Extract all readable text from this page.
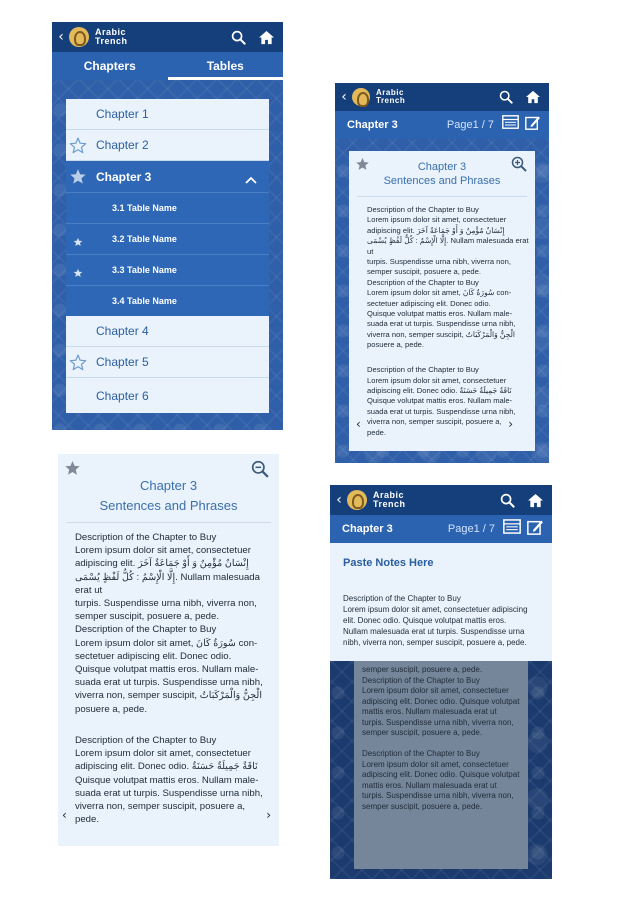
‹	Arabic
Trench
Chapters	Tables
Chapter 1
Chapter 2
Chapter 3
3.1 Table Name
3.2 Table Name
3.3 Table Name
3.4 Table Name
Chapter 4
Chapter 5
Chapter 6
‹	Arabic
Trench
Chapter 3	Page1 / 7
Chapter 3
Sentences and Phrases
Description of the Chapter to Buy
Lorem ipsum dolor sit amet, consectetuer
adipiscing elit. إِنْسَانٌ مُؤْمِنٌ وَ أَوْ جَمَاعَةٌ آخَرَ
إِلَّا الْإِسْمُ : كُلُّ لَفْظٍ يُسْمَى. Nullam malesuada erat ut
turpis. Suspendisse urna nibh, viverra non,
semper suscipit, posuere a, pede.
Description of the Chapter to Buy
Lorem ipsum dolor sit amet, سُورَةٌ كَانَ con-
sectetuer adipiscing elit. Donec odio.
Quisque volutpat mattis eros. Nullam male-
suada erat ut turpis. Suspendisse urna nibh,
viverra non, semper suscipit, الْجِنُّ وَالْمَرْكَبَاتُ
posuere a, pede.
Description of the Chapter to Buy
Lorem ipsum dolor sit amet, consectetuer
adipiscing elit. Donec odio. نَاقَةٌ جَمِيلَةٌ حَسَنَةٌ
Quisque volutpat mattis eros. Nullam male-
suada erat ut turpis. Suspendisse urna nibh,
viverra non, semper suscipit, posuere a,
pede.
‹	›
Chapter 3
Sentences and Phrases
Description of the Chapter to Buy
Lorem ipsum dolor sit amet, consectetuer
adipiscing elit. إِنْسَانٌ مُؤْمِنٌ وَ أَوْ جَمَاعَةٌ آخَرَ
إِلَّا الْإِسْمُ : كُلُّ لَفْظٍ يُسْمَى. Nullam malesuada erat ut
turpis. Suspendisse urna nibh, viverra non,
semper suscipit, posuere a, pede.
Description of the Chapter to Buy
Lorem ipsum dolor sit amet, سُورَةٌ كَانَ con-
sectetuer adipiscing elit. Donec odio.
Quisque volutpat mattis eros. Nullam male-
suada erat ut turpis. Suspendisse urna nibh,
viverra non, semper suscipit, الْجِنُّ وَالْمَرْكَبَاتُ
posuere a, pede.
Description of the Chapter to Buy
Lorem ipsum dolor sit amet, consectetuer
adipiscing elit. Donec odio. نَاقَةٌ جَمِيلَةٌ حَسَنَةٌ
Quisque volutpat mattis eros. Nullam male-
suada erat ut turpis. Suspendisse urna nibh,
viverra non, semper suscipit, posuere a,
pede.
‹	›
‹	Arabic
Trench
Chapter 3	Page1 / 7
Paste Notes Here
Description of the Chapter to Buy
Lorem ipsum dolor sit amet, consectetuer adipiscing
elit. Donec odio. Quisque volutpat mattis eros.
Nullam malesuada erat ut turpis. Suspendisse urna
nibh, viverra non, semper suscipit, posuere a, pede.
semper suscipit, posuere a, pede.
Description of the Chapter to Buy
Lorem ipsum dolor sit amet, consectetuer
adipiscing elit. Donec odio. Quisque volutpat
mattis eros. Nullam malesuada erat ut
turpis. Suspendisse urna nibh, viverra non,
semper suscipit, posuere a, pede.

Description of the Chapter to Buy
Lorem ipsum dolor sit amet, consectetuer
adipiscing elit. Donec odio. Quisque volutpat
mattis eros. Nullam malesuada erat ut
turpis. Suspendisse urna nibh, viverra non,
semper suscipit, posuere a, pede.
